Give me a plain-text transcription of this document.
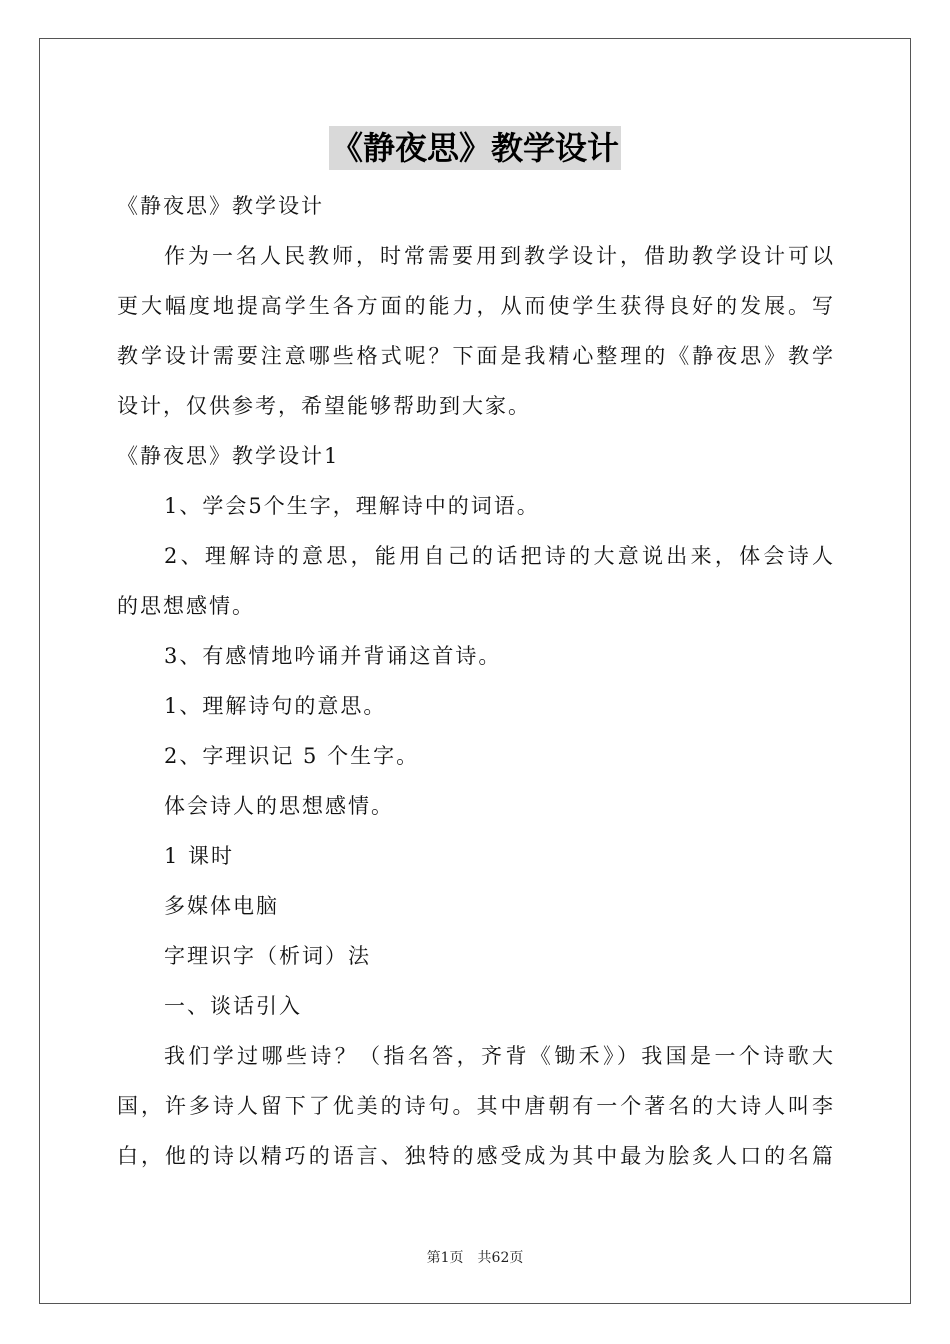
《静夜思》教学设计
《静夜思》教学设计
作为一名人民教师，时常需要用到教学设计，借助教学设计可以
更大幅度地提高学生各方面的能力，从而使学生获得良好的发展。写
教学设计需要注意哪些格式呢？下面是我精心整理的《静夜思》教学
设计，仅供参考，希望能够帮助到大家。
《静夜思》教学设计1
1、学会5个生字，理解诗中的词语。
2、理解诗的意思，能用自己的话把诗的大意说出来，体会诗人
的思想感情。
3、有感情地吟诵并背诵这首诗。
1、理解诗句的意思。
2、字理识记 5 个生字。
体会诗人的思想感情。
1 课时
多媒体电脑
字理识字（析词）法
一、谈话引入
我们学过哪些诗？（指名答，齐背《锄禾》）我国是一个诗歌大
国，许多诗人留下了优美的诗句。其中唐朝有一个著名的大诗人叫李
白，他的诗以精巧的语言、独特的感受成为其中最为脍炙人口的名篇
第1页 共62页
